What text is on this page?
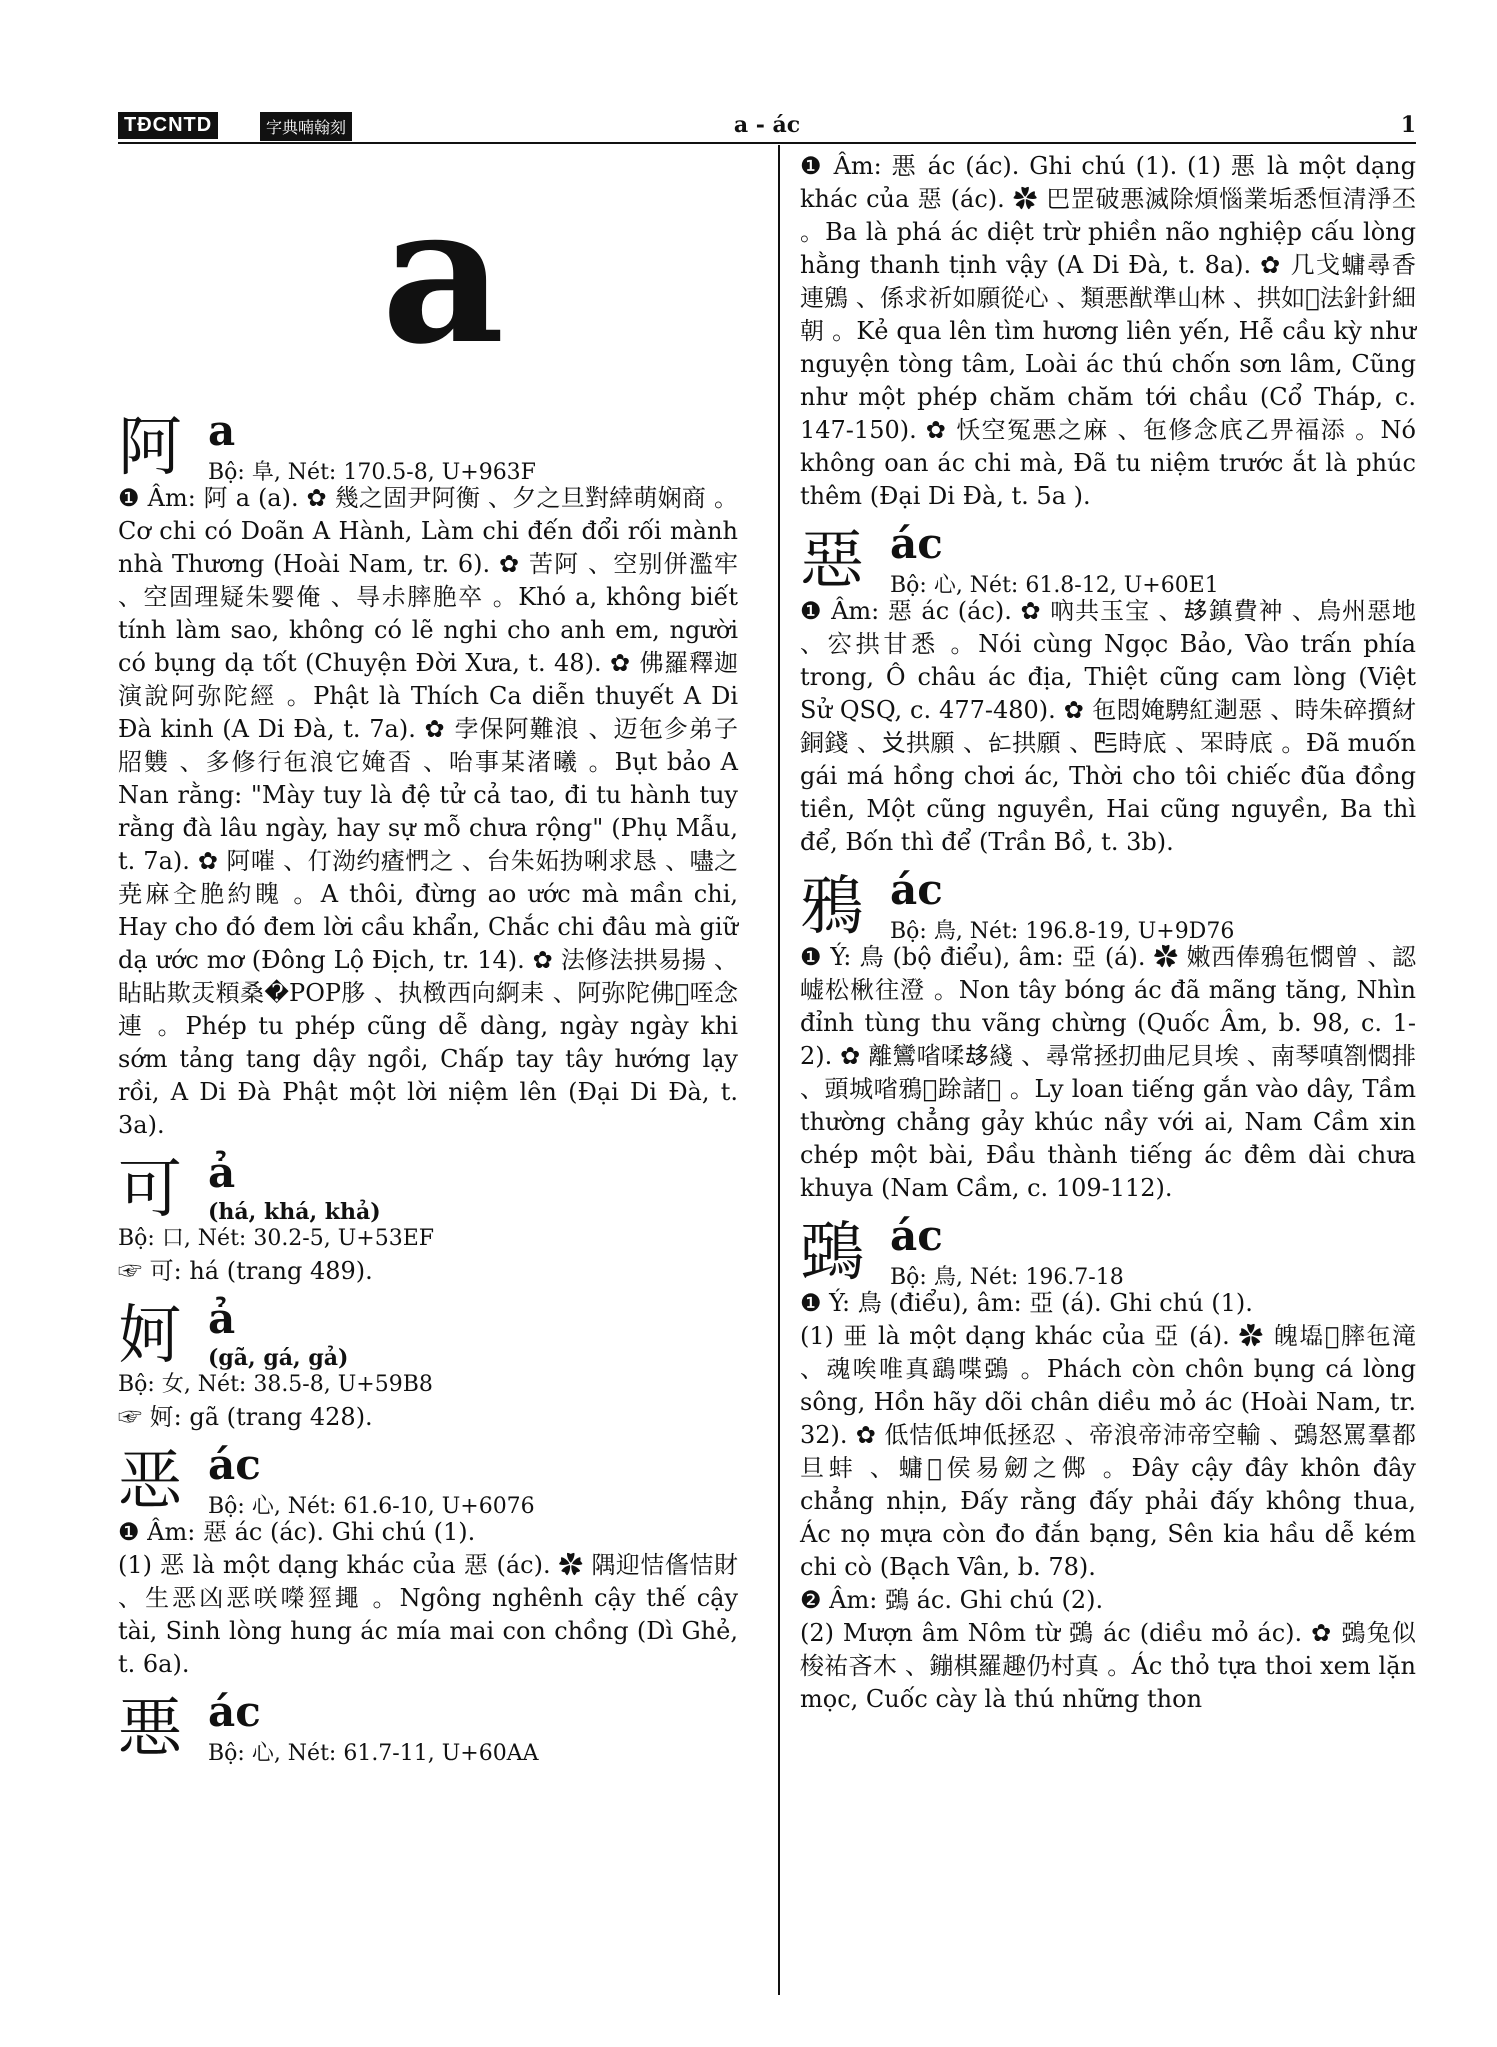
TĐCNTD	字典喃翰刻	a - ác	1
a
阿 a
Bộ: 阜, Nét: 170.5-8, U+963F
❶ Âm: 阿 a (a). ✿ 幾之固尹阿衡 、夕之旦對緈萌娴商 。Cơ chi có Doãn A Hành, Làm chi đến đổi rối mành nhà Thương (Hoài Nam, tr. 6). ✿ 苦阿 、空别併濫牢 、空固理疑朱婴俺 、㝵尗膟脃卒 。Khó a, không biết tính làm sao, không có lẽ nghi cho anh em, người có bụng dạ tốt (Chuyện Đời Xưa, t. 48). ✿ 佛羅釋迦演說阿弥陀經 。Phật là Thích Ca diễn thuyết A Di Đà kinh (A Di Đà, t. 7a). ✿ 孛保阿難浪 、迈㐌㐱弟子牊䨇 、多修行㐌浪它㛪㫘 、咍事某渚曦 。Bụt bảo A Nan rằng: "Mày tuy là đệ tử cả tao, đi tu hành tuy rằng đà lâu ngày, hay sự mỗ chưa rộng" (Phụ Mẫu, t. 7a). ✿ 阿嗺 、仃泑约㾴㥃之 、台朱妬㧑唎求恳 、嚍之尭麻㒰脃約䁛 。A thôi, đừng ao ước mà mần chi, Hay cho đó đem lời cầu khẩn, Chắc chi đâu mà giữ dạ ước mơ (Đông Lộ Địch, tr. 14). ✿ 法修法拱易揚 、䀡䀡欺㶣頪桑�POP䏧 、执㮹西向䋪耒 、阿弥陀佛𠳒咥念連 。Phép tu phép cũng dễ dàng, ngày ngày khi sớm tảng tang dậy ngồi, Chấp tay tây hướng lạy rồi, A Di Đà Phật một lời niệm lên (Đại Di Đà, t. 3a).
可 ả
(há, khá, khả)
Bộ: 口, Nét: 30.2-5, U+53EF
☞ 可: há (trang 489).
妸 ả
(gã, gá, gả)
Bộ: 女, Nét: 38.5-8, U+59B8
☞ 妸: gã (trang 428).
恶 ác
Bộ: 心, Nét: 61.6-10, U+6076
❶ Âm: 惡 ác (ác). Ghi chú (1).
(1) 恶 là một dạng khác của 惡 (ác). ✿ 隅迎恄㑾恄財 、生恶凶恶咲㘇㹵䵷 。Ngông nghênh cậy thế cậy tài, Sinh lòng hung ác mía mai con chồng (Dì Ghẻ, t. 6a).
悪 ác
Bộ: 心, Nét: 61.7-11, U+60AA
❶ Âm: 悪 ác (ác). Ghi chú (1). (1) 悪 là một dạng khác của 惡 (ác). ✿ 巴罡破悪滅除煩惱業垢悉恒清淨丕 。Ba là phá ác diệt trừ phiền não nghiệp cấu lòng hằng thanh tịnh vậy (A Di Đà, t. 8a). ✿ 几戈䗤尋香連鶂 、係求祈如願從心 、類悪猷準山林 、拱如𢧚法針針細朝 。Kẻ qua lên tìm hương liên yến, Hễ cầu kỳ như nguyện tòng tâm, Loài ác thú chốn sơn lâm, Cũng như một phép chăm chăm tới chầu (Cổ Tháp, c. 147-150). ✿ 㤇空冤悪之麻 、㐌修念㡳乙畀福添 。Nó không oan ác chi mà, Đã tu niệm trước ắt là phúc thêm (Đại Di Đà, t. 5a ).
惡 ác
Bộ: 心, Nét: 61.8-12, U+60E1
❶ Âm: 惡 ác (ác). ✿ 吶共玉宝 、𠫾鎮費衶 、烏州惡地 、㝐拱甘悉 。Nói cùng Ngọc Bảo, Vào trấn phía trong, Ô châu ác địa, Thiệt cũng cam lòng (Việt Sử QSQ, c. 477-480). ✿ 㐌悶㛪騁紅𨔈惡 、時朱碎㩫䊷銅錢 、𠬠拱願 、𠄩拱願 、𠀧時底 、𦊚時底 。Đã muốn gái má hồng chơi ác, Thời cho tôi chiếc đũa đồng tiền, Một cũng nguyền, Hai cũng nguyền, Ba thì để, Bốn thì để (Trần Bồ, t. 3b).
鴉 ác
Bộ: 鳥, Nét: 196.8-19, U+9D76
❶ Ý: 鳥 (bộ điểu), âm: 亞 (á). ✿ 嫩西俸鴉㐌㦖曾 、認㠊松楸往澄 。Non tây bóng ác đã mãng tăng, Nhìn đỉnh tùng thu vãng chừng (Quốc Âm, b. 98, c. 1-2). ✿ 離鸞㗂㖻𠫾綫 、尋常拯㧅曲尼貝埃 、南琴嗔劄㦖排 、頭城㗂鴉𦛌䟻諸𡗶 。Ly loan tiếng gắn vào dây, Tầm thường chẳng gảy khúc nầy với ai, Nam Cầm xin chép một bài, Đầu thành tiếng ác đêm dài chưa khuya (Nam Cầm, c. 109-112).
鵶 ác
Bộ: 鳥, Nét: 196.7-18
❶ Ý: 鳥 (điểu), âm: 亞 (á). Ghi chú (1).
(1) 亜 là một dạng khác của 亞 (á). ✿ 魄𡓃𡽫膟㐌滝 、魂唉唯真鷂喋鵶 。Phách còn chôn bụng cá lòng sông, Hồn hãy dõi chân diều mỏ ác (Hoài Nam, tr. 32). ✿ 低恄低坤低拯忍 、帝浪帝沛帝空輸 、鵶怒罵羣都旦蚌 、䗤𡗉侯易劒之䣏 。Đây cậy đây khôn đây chẳng nhịn, Đấy rằng đấy phải đấy không thua, Ác nọ mựa còn đo đắn bạng, Sên kia hầu dễ kém chi cò (Bạch Vân, b. 78).
❷ Âm: 鵶 ác. Ghi chú (2).
(2) Mượn âm Nôm từ 鵶 ác (diều mỏ ác). ✿ 鵶兔似梭祐吝木 、鏰棋羅趣仍村真 。Ác thỏ tựa thoi xem lặn mọc, Cuốc cày là thú những thon
